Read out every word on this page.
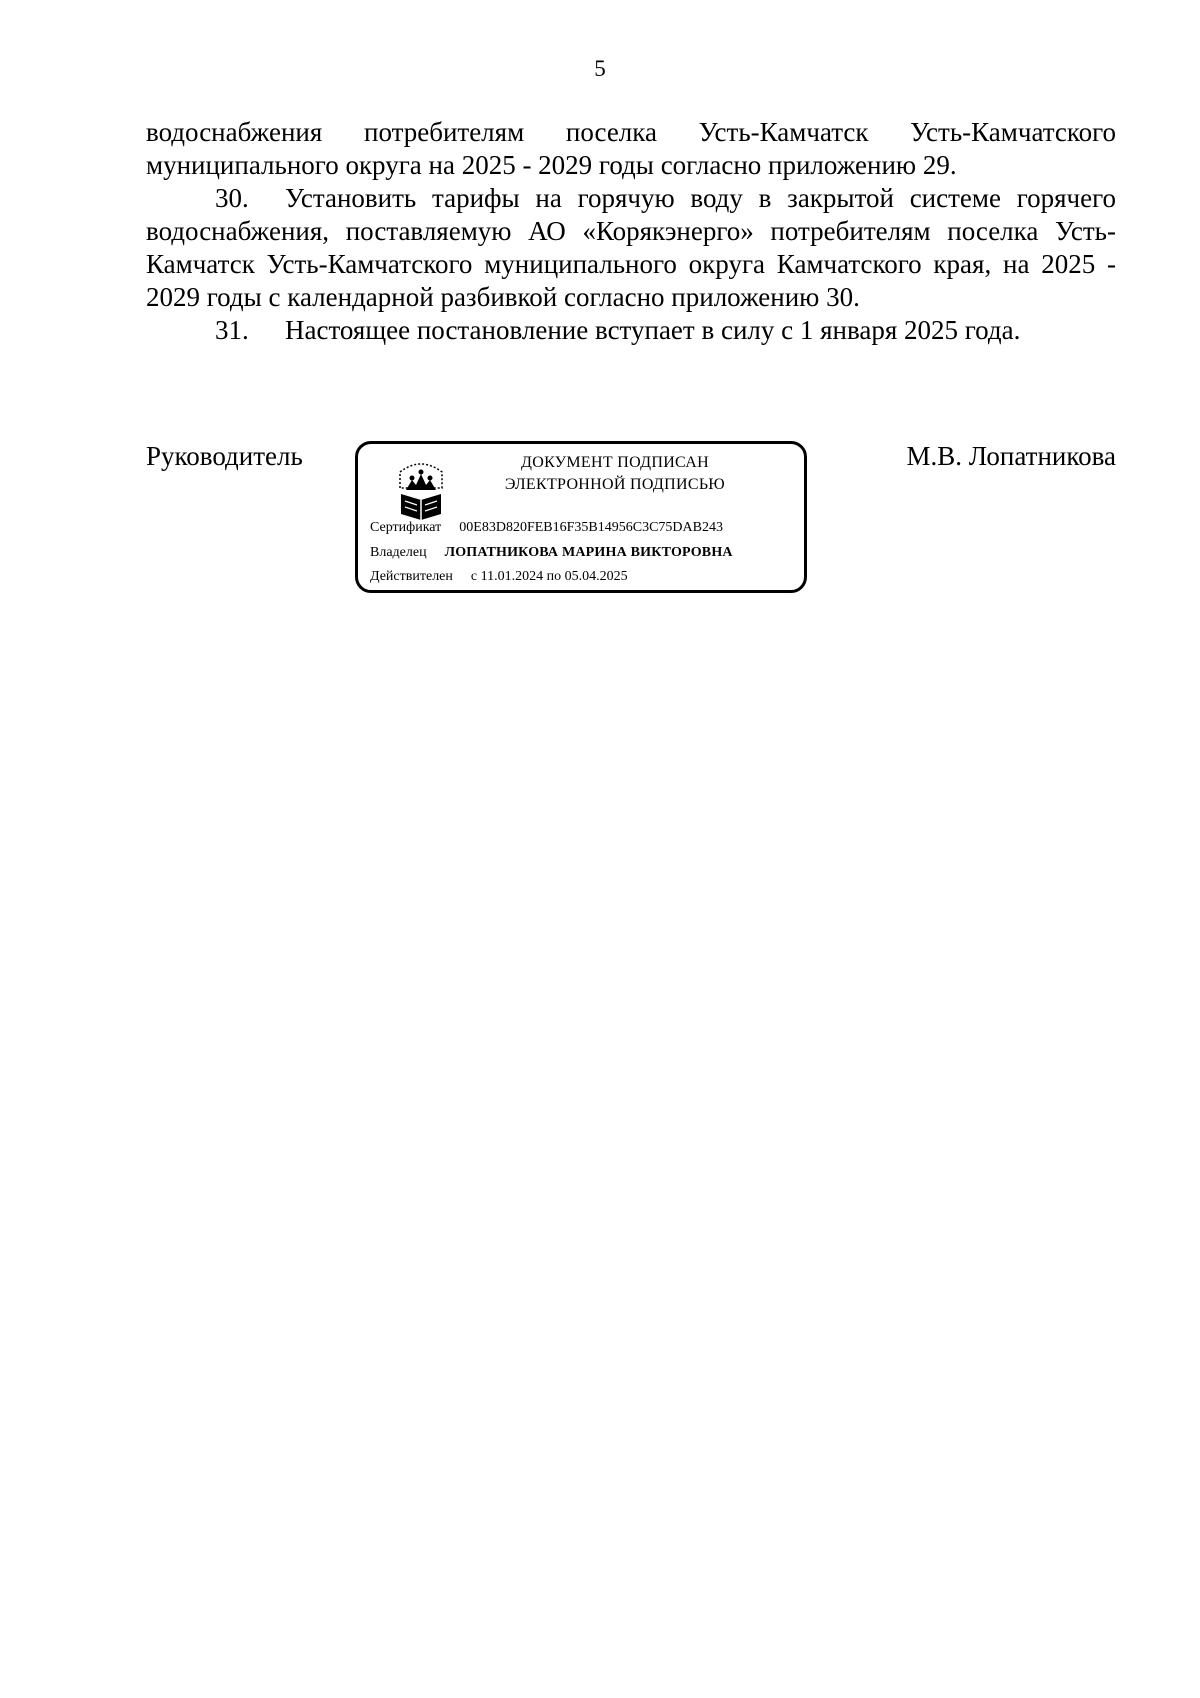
5

водоснабжения потребителям поселка Усть-Камчатск Усть-Камчатского муниципального округа на 2025 - 2029 годы согласно приложению 29.

30. Установить тарифы на горячую воду в закрытой системе горячего водоснабжения, поставляемую АО «Корякэнерго» потребителям поселка Усть-Камчатск Усть-Камчатского муниципального округа Камчатского края, на 2025 - 2029 годы с календарной разбивкой согласно приложению 30.

31. Настоящее постановление вступает в силу с 1 января 2025 года.

Руководитель	М.В. Лопатникова
ДОКУМЕНТ ПОДПИСАН
ЭЛЕКТРОННОЙ ПОДПИСЬЮ
Сертификат 00E83D820FEB16F35B14956C3C75DAB243
Владелец ЛОПАТНИКОВА МАРИНА ВИКТОРОВНА
Действителен с 11.01.2024 по 05.04.2025
